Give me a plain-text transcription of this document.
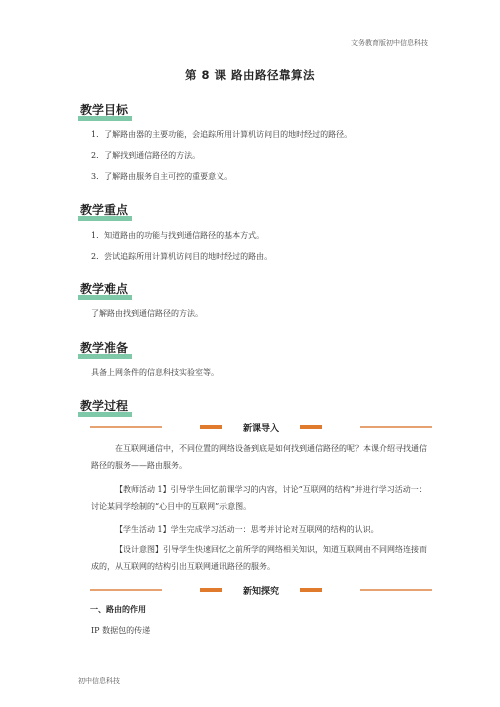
文务教育版初中信息科技
第 8 课 路由路径靠算法
教学目标
1．了解路由器的主要功能，会追踪所用计算机访问目的地时经过的路径。
2．了解找到通信路径的方法。
3．了解路由服务自主可控的重要意义。
教学重点
1．知道路由的功能与找到通信路径的基本方式。
2．尝试追踪所用计算机访问目的地时经过的路由。
教学难点
了解路由找到通信路径的方法。
教学准备
具备上网条件的信息科技实验室等。
教学过程
新课导入
在互联网通信中，不同位置的网络设备到底是如何找到通信路径的呢？本课介绍寻找通信路径的服务——路由服务。
【教师活动 1】引导学生回忆前课学习的内容，讨论“互联网的结构”并进行学习活动一：讨论某同学绘制的“心目中的互联网”示意图。
【学生活动 1】学生完成学习活动一：思考并讨论对互联网的结构的认识。
【设计意图】引导学生快速回忆之前所学的网络相关知识，知道互联网由不同网络连接而成的，从互联网的结构引出互联网通讯路径的服务。
新知探究
一、路由的作用
IP 数据包的传递
初中信息科技
